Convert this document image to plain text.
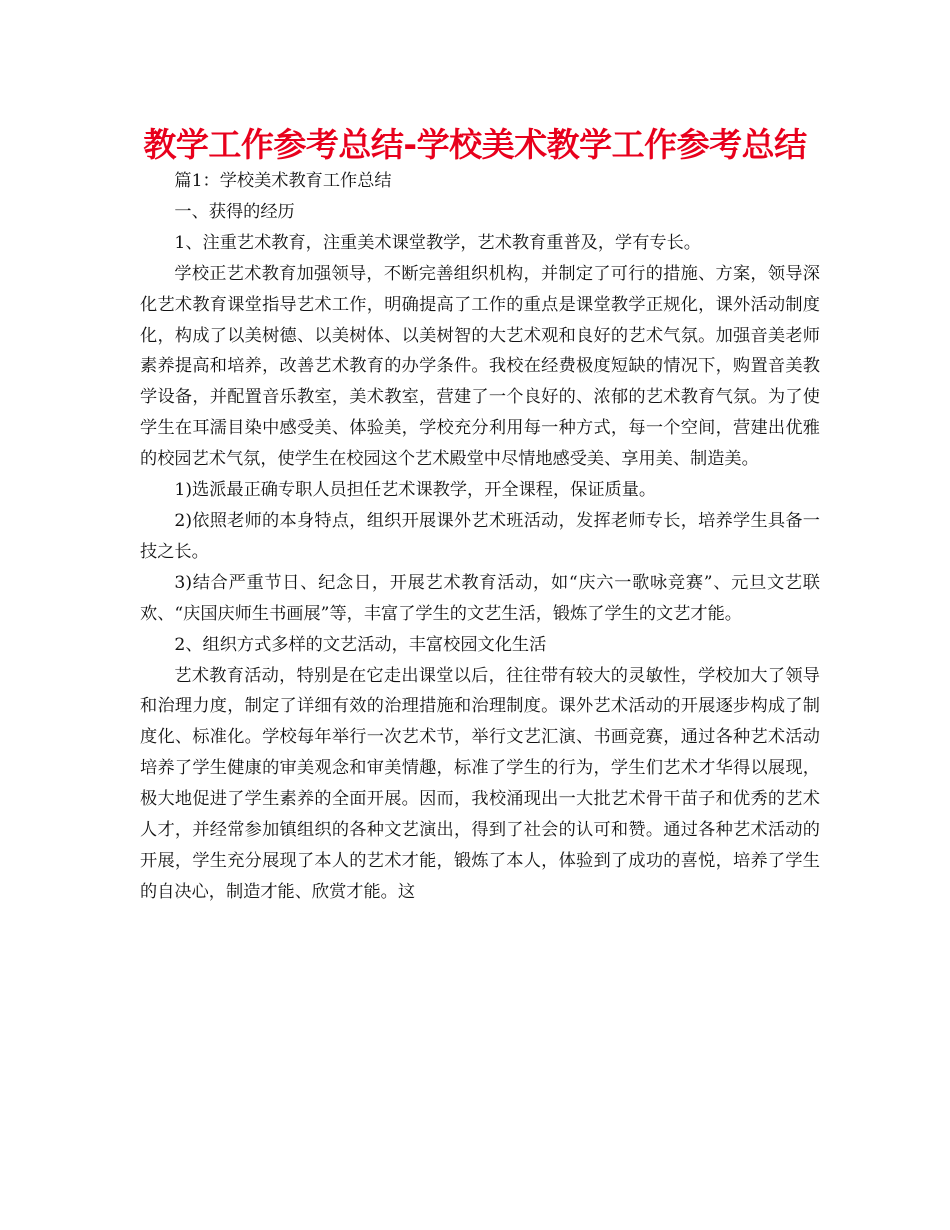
教学工作参考总结-学校美术教学工作参考总结

篇1：学校美术教育工作总结

一、获得的经历

1、注重艺术教育，注重美术课堂教学，艺术教育重普及，学有专长。

学校正艺术教育加强领导，不断完善组织机构，并制定了可行的措施、方案，领导深化艺术教育课堂指导艺术工作，明确提高了工作的重点是课堂教学正规化，课外活动制度化，构成了以美树德、以美树体、以美树智的大艺术观和良好的艺术气氛。加强音美老师素养提高和培养，改善艺术教育的办学条件。我校在经费极度短缺的情况下，购置音美教学设备，并配置音乐教室，美术教室，营建了一个良好的、浓郁的艺术教育气氛。为了使学生在耳濡目染中感受美、体验美，学校充分利用每一种方式，每一个空间，营建出优雅的校园艺术气氛，使学生在校园这个艺术殿堂中尽情地感受美、享用美、制造美。

1)选派最正确专职人员担任艺术课教学，开全课程，保证质量。

2)依照老师的本身特点，组织开展课外艺术班活动，发挥老师专长，培养学生具备一技之长。

3)结合严重节日、纪念日，开展艺术教育活动，如“庆六一歌咏竞赛”、元旦文艺联欢、“庆国庆师生书画展”等，丰富了学生的文艺生活，锻炼了学生的文艺才能。

2、组织方式多样的文艺活动，丰富校园文化生活

艺术教育活动，特别是在它走出课堂以后，往往带有较大的灵敏性，学校加大了领导和治理力度，制定了详细有效的治理措施和治理制度。课外艺术活动的开展逐步构成了制度化、标准化。学校每年举行一次艺术节，举行文艺汇演、书画竞赛，通过各种艺术活动培养了学生健康的审美观念和审美情趣，标准了学生的行为，学生们艺术才华得以展现，极大地促进了学生素养的全面开展。因而，我校涌现出一大批艺术骨干苗子和优秀的艺术人才，并经常参加镇组织的各种文艺演出，得到了社会的认可和赞。通过各种艺术活动的开展，学生充分展现了本人的艺术才能，锻炼了本人，体验到了成功的喜悦，培养了学生的自决心，制造才能、欣赏才能。这
